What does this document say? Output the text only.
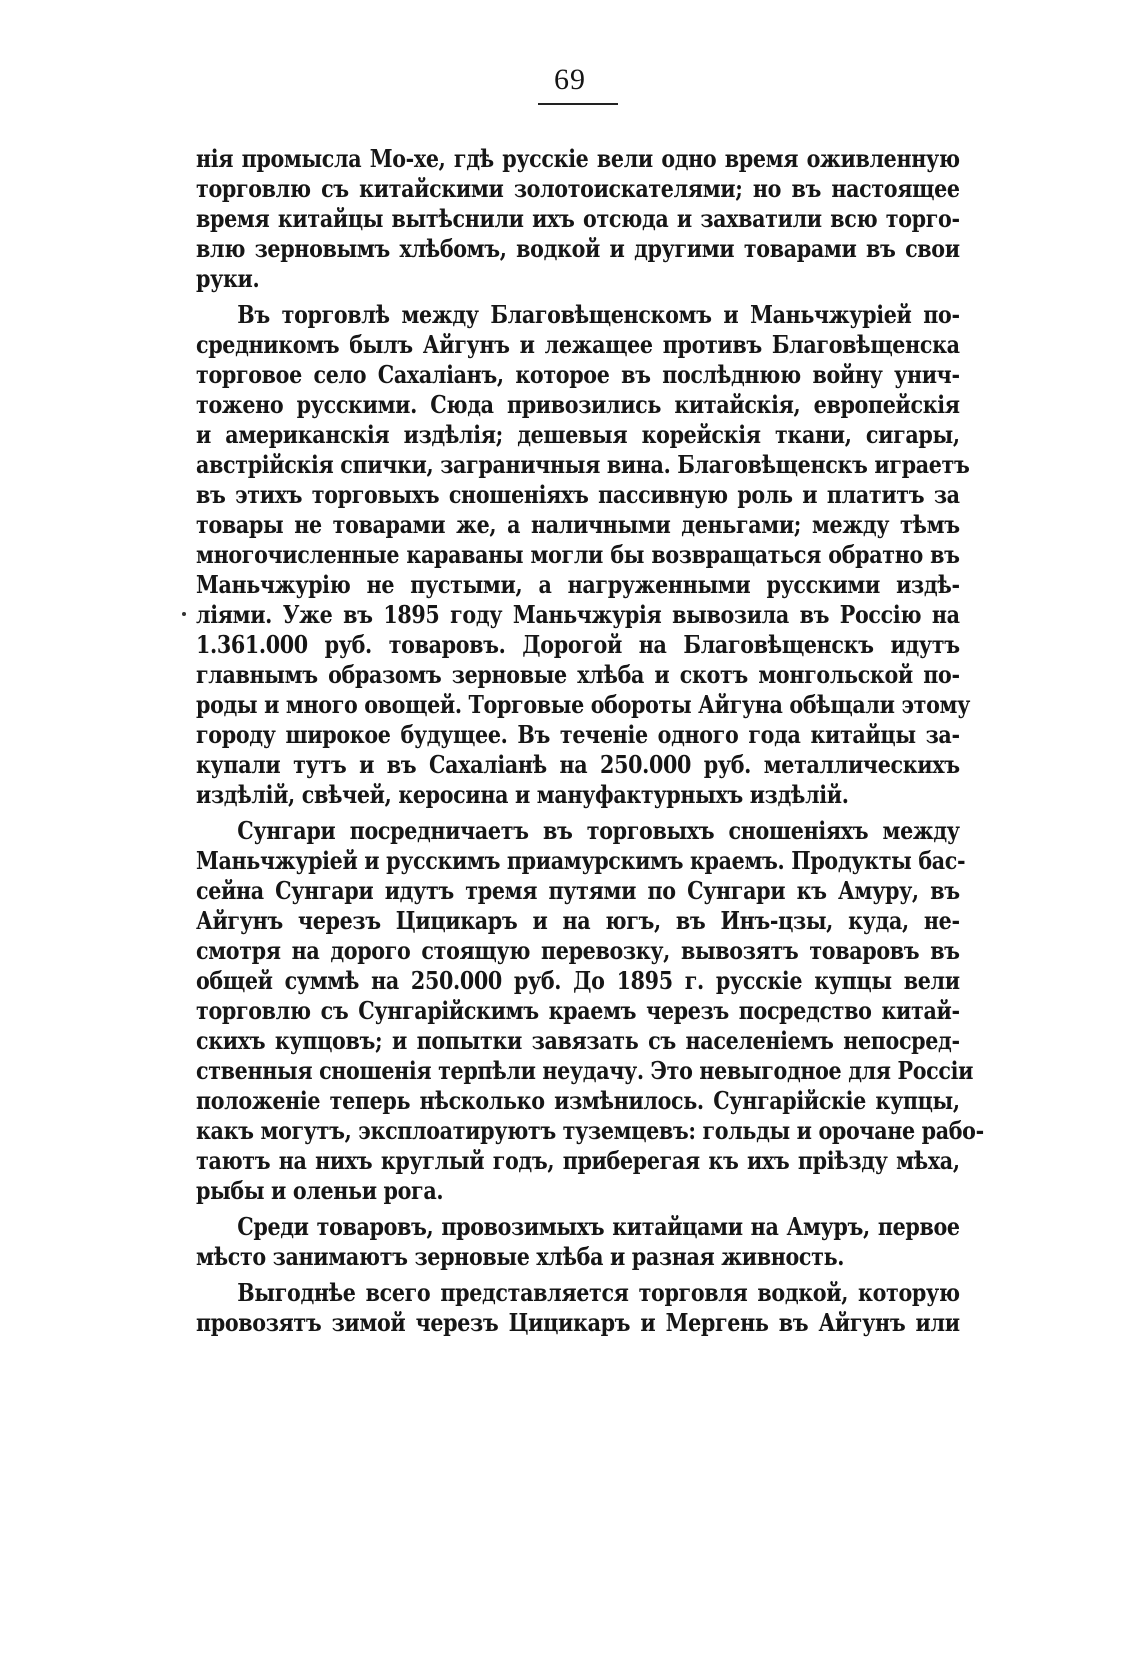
69
нія промысла Мо-хе, гдѣ русскіе вели одно время оживленную
торговлю съ китайскими золотоискателями; но въ настоящее
время китайцы вытѣснили ихъ отсюда и захватили всю торго-
влю зерновымъ хлѣбомъ, водкой и другими товарами въ свои
руки.
Въ торговлѣ между Благовѣщенскомъ и Маньчжуріей по-
средникомъ былъ Айгунъ и лежащее противъ Благовѣщенска
торговое село Сахаліанъ, которое въ послѣднюю войну унич-
тожено русскими. Сюда привозились китайскія, европейскія
и американскія издѣлія; дешевыя корейскія ткани, сигары,
австрійскія спички, заграничныя вина. Благовѣщенскъ играетъ
въ этихъ торговыхъ сношеніяхъ пассивную роль и платитъ за
товары не товарами же, а наличными деньгами; между тѣмъ
многочисленные караваны могли бы возвращаться обратно въ
Маньчжурію не пустыми, а нагруженными русскими издѣ-
ліями. Уже въ 1895 году Маньчжурія вывозила въ Россію на
1.361.000 руб. товаровъ. Дорогой на Благовѣщенскъ идутъ
главнымъ образомъ зерновые хлѣба и скотъ монгольской по-
роды и много овощей. Торговые обороты Айгуна обѣщали этому
городу широкое будущее. Въ теченіе одного года китайцы за-
купали тутъ и въ Сахаліанѣ на 250.000 руб. металлическихъ
издѣлій, свѣчей, керосина и мануфактурныхъ издѣлій.
Сунгари посредничаетъ въ торговыхъ сношеніяхъ между
Маньчжуріей и русскимъ приамурскимъ краемъ. Продукты бас-
сейна Сунгари идутъ тремя путями по Сунгари къ Амуру, въ
Айгунъ черезъ Цицикаръ и на югъ, въ Инъ-цзы, куда, не-
смотря на дорого стоящую перевозку, вывозятъ товаровъ въ
общей суммѣ на 250.000 руб. До 1895 г. русскіе купцы вели
торговлю съ Сунгарійскимъ краемъ черезъ посредство китай-
скихъ купцовъ; и попытки завязать съ населеніемъ непосред-
ственныя сношенія терпѣли неудачу. Это невыгодное для Россіи
положеніе теперь нѣсколько измѣнилось. Сунгарійскіе купцы,
какъ могутъ, эксплоатируютъ туземцевъ: гольды и орочане рабо-
таютъ на нихъ круглый годъ, приберегая къ ихъ пріѣзду мѣха,
рыбы и оленьи рога.
Среди товаровъ, провозимыхъ китайцами на Амуръ, первое
мѣсто занимаютъ зерновые хлѣба и разная живность.
Выгоднѣе всего представляется торговля водкой, которую
провозятъ зимой черезъ Цицикаръ и Мергень въ Айгунъ или
